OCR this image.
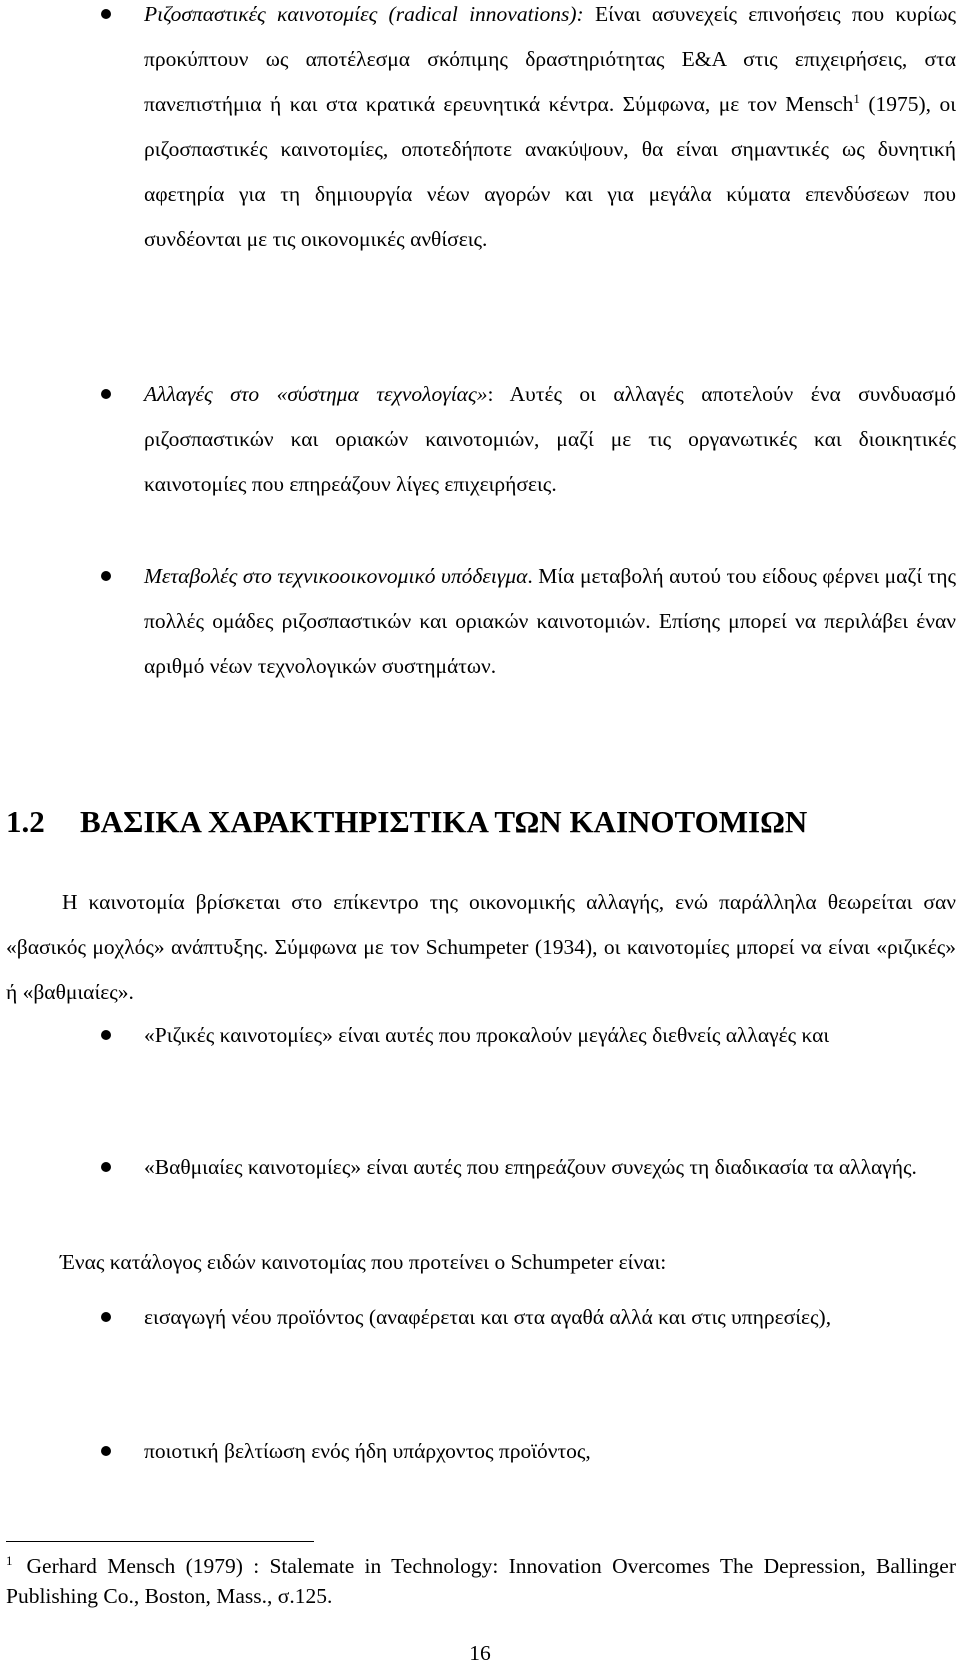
Ριζοσπαστικές καινοτομίες (radical innovations): Είναι ασυνεχείς επινοήσεις που κυρίως προκύπτουν ως αποτέλεσμα σκόπιμης δραστηριότητας Ε&Α στις επιχειρήσεις, στα πανεπιστήμια ή και στα κρατικά ερευνητικά κέντρα. Σύμφωνα, με τον Mensch$^1$ (1975), οι ριζοσπαστικές καινοτομίες, οποτεδήποτε ανακύψουν, θα είναι σημαντικές ως δυνητική αφετηρία για τη δημιουργία νέων αγορών και για μεγάλα κύματα επενδύσεων που συνδέονται με τις οικονομικές ανθίσεις.
Αλλαγές στο «σύστημα τεχνολογίας»: Αυτές οι αλλαγές αποτελούν ένα συνδυασμό ριζοσπαστικών και οριακών καινοτομιών, μαζί με τις οργανωτικές και διοικητικές καινοτομίες που επηρεάζουν λίγες επιχειρήσεις.
Μεταβολές στο τεχνικοοικονομικό υπόδειγμα. Μία μεταβολή αυτού του είδους φέρνει μαζί της πολλές ομάδες ριζοσπαστικών και οριακών καινοτομιών. Επίσης μπορεί να περιλάβει έναν αριθμό νέων τεχνολογικών συστημάτων.
1.2 ΒΑΣΙΚΑ ΧΑΡΑΚΤΗΡΙΣΤΙΚΑ ΤΩΝ ΚΑΙΝΟΤΟΜΙΩΝ
Η καινοτομία βρίσκεται στο επίκεντρο της οικονομικής αλλαγής, ενώ παράλληλα θεωρείται σαν «βασικός μοχλός» ανάπτυξης. Σύμφωνα με τον Schumpeter (1934), οι καινοτομίες μπορεί να είναι «ριζικές» ή «βαθμιαίες».
«Ριζικές καινοτομίες» είναι αυτές που προκαλούν μεγάλες διεθνείς αλλαγές και
«Βαθμιαίες καινοτομίες» είναι αυτές που επηρεάζουν συνεχώς τη διαδικασία τα αλλαγής.
Ένας κατάλογος ειδών καινοτομίας που προτείνει ο Schumpeter είναι:
εισαγωγή νέου προϊόντος (αναφέρεται και στα αγαθά αλλά και στις υπηρεσίες),
ποιοτική βελτίωση ενός ήδη υπάρχοντος προϊόντος,
$^1$ Gerhard Mensch (1979) : Stalemate in Technology: Innovation Overcomes The Depression, Ballinger Publishing Co., Boston, Mass., σ.125.
16
